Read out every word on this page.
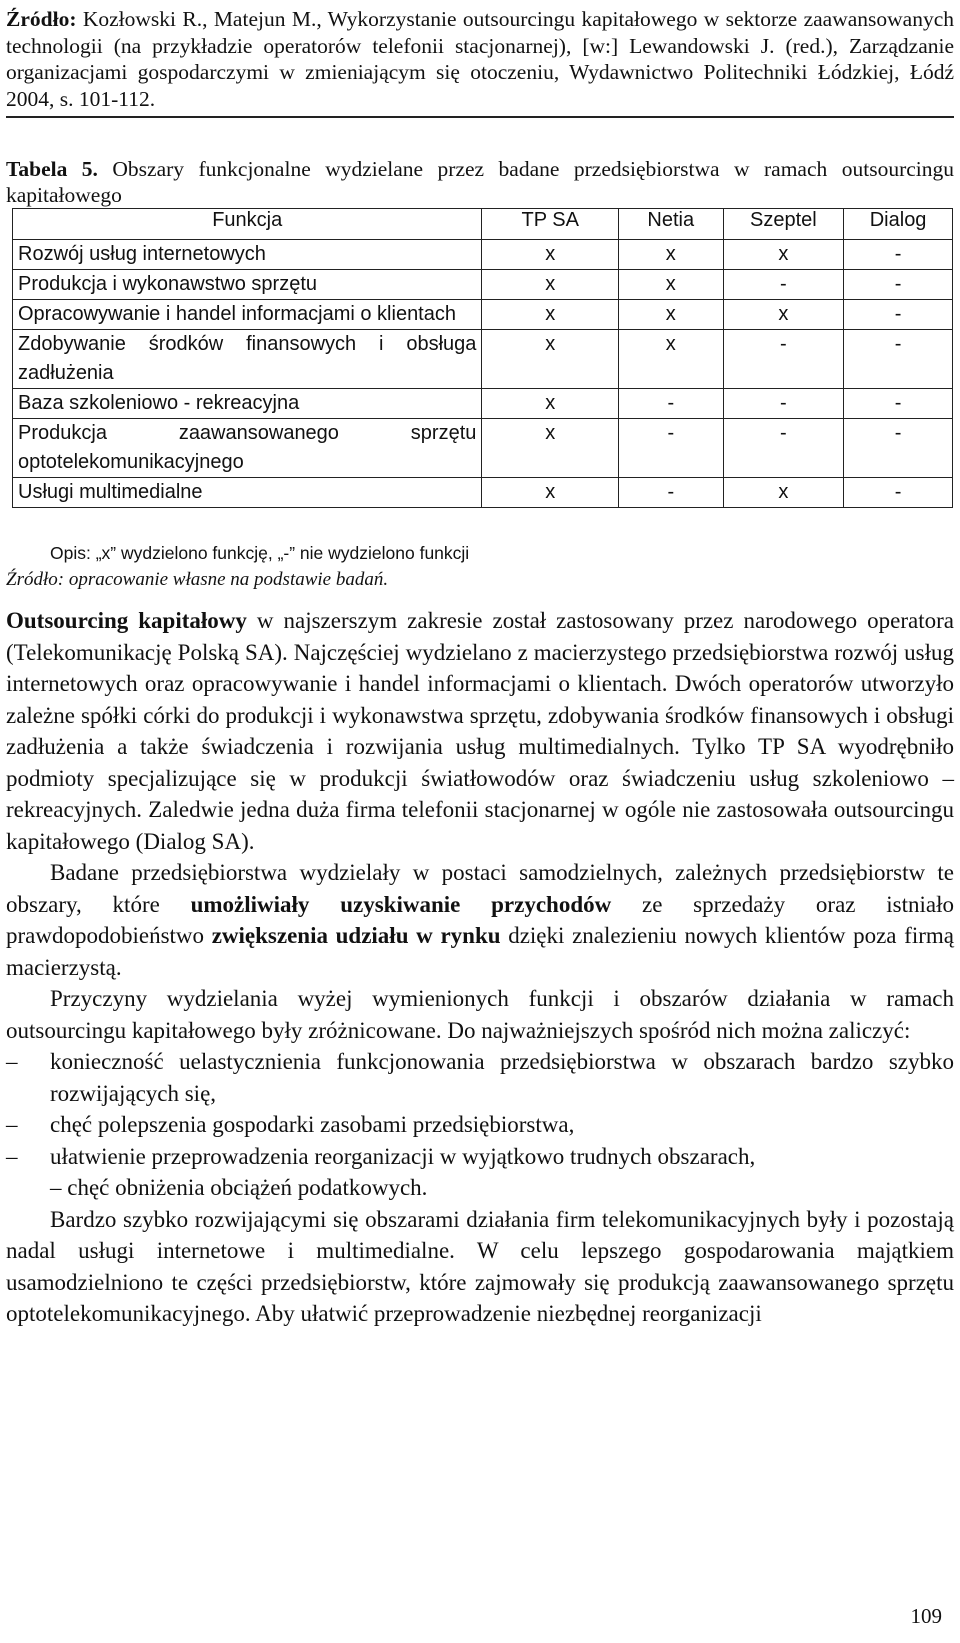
Źródło: Kozłowski R., Matejun M., Wykorzystanie outsourcingu kapitałowego w sektorze zaawansowanych technologii (na przykładzie operatorów telefonii stacjonarnej), [w:] Lewandowski J. (red.), Zarządzanie organizacjami gospodarczymi w zmieniającym się otoczeniu, Wydawnictwo Politechniki Łódzkiej, Łódź 2004, s. 101-112.
Tabela 5. Obszary funkcjonalne wydzielane przez badane przedsiębiorstwa w ramach outsourcingu kapitałowego
Funkcja	TP SA	Netia	Szeptel	Dialog
Rozwój usług internetowych	x	x	x	-
Produkcja i wykonawstwo sprzętu	x	x	-	-
Opracowywanie i handel informacjami o klientach	x	x	x	-
Zdobywanie środków finansowych i obsługa zadłużenia	x	x	-	-
Baza szkoleniowo - rekreacyjna	x	-	-	-
Produkcja zaawansowanego sprzętu optotelekomunikacyjnego	x	-	-	-
Usługi multimedialne	x	-	x	-
Opis: „x” wydzielono funkcję, „-” nie wydzielono funkcji
Źródło: opracowanie własne na podstawie badań.

Outsourcing kapitałowy w najszerszym zakresie został zastosowany przez narodowego operatora (Telekomunikację Polską SA). Najczęściej wydzielano z macierzystego przedsiębiorstwa rozwój usług internetowych oraz opracowywanie i handel informacjami o klientach. Dwóch operatorów utworzyło zależne spółki córki do produkcji i wykonawstwa sprzętu, zdobywania środków finansowych i obsługi zadłużenia a także świadczenia i rozwijania usług multimedialnych. Tylko TP SA wyodrębniło podmioty specjalizujące się w produkcji światłowodów oraz świadczeniu usług szkoleniowo – rekreacyjnych. Zaledwie jedna duża firma telefonii stacjonarnej w ogóle nie zastosowała outsourcingu kapitałowego (Dialog SA).

Badane przedsiębiorstwa wydzielały w postaci samodzielnych, zależnych przedsiębiorstw te obszary, które umożliwiały uzyskiwanie przychodów ze sprzedaży oraz istniało prawdopodobieństwo zwiększenia udziału w rynku dzięki znalezieniu nowych klientów poza firmą macierzystą.

Przyczyny wydzielania wyżej wymienionych funkcji i obszarów działania w ramach outsourcingu kapitałowego były zróżnicowane. Do najważniejszych spośród nich można zaliczyć:

–	konieczność uelastycznienia funkcjonowania przedsiębiorstwa w obszarach bardzo szybko rozwijających się,
–	chęć polepszenia gospodarki zasobami przedsiębiorstwa,
–	ułatwienie przeprowadzenia reorganizacji w wyjątkowo trudnych obszarach,
– chęć obniżenia obciążeń podatkowych.

Bardzo szybko rozwijającymi się obszarami działania firm telekomunikacyjnych były i pozostają nadal usługi internetowe i multimedialne. W celu lepszego gospodarowania majątkiem usamodzielniono te części przedsiębiorstw, które zajmowały się produkcją zaawansowanego sprzętu optotelekomunikacyjnego. Aby ułatwić przeprowadzenie niezbędnej reorganizacji

109
